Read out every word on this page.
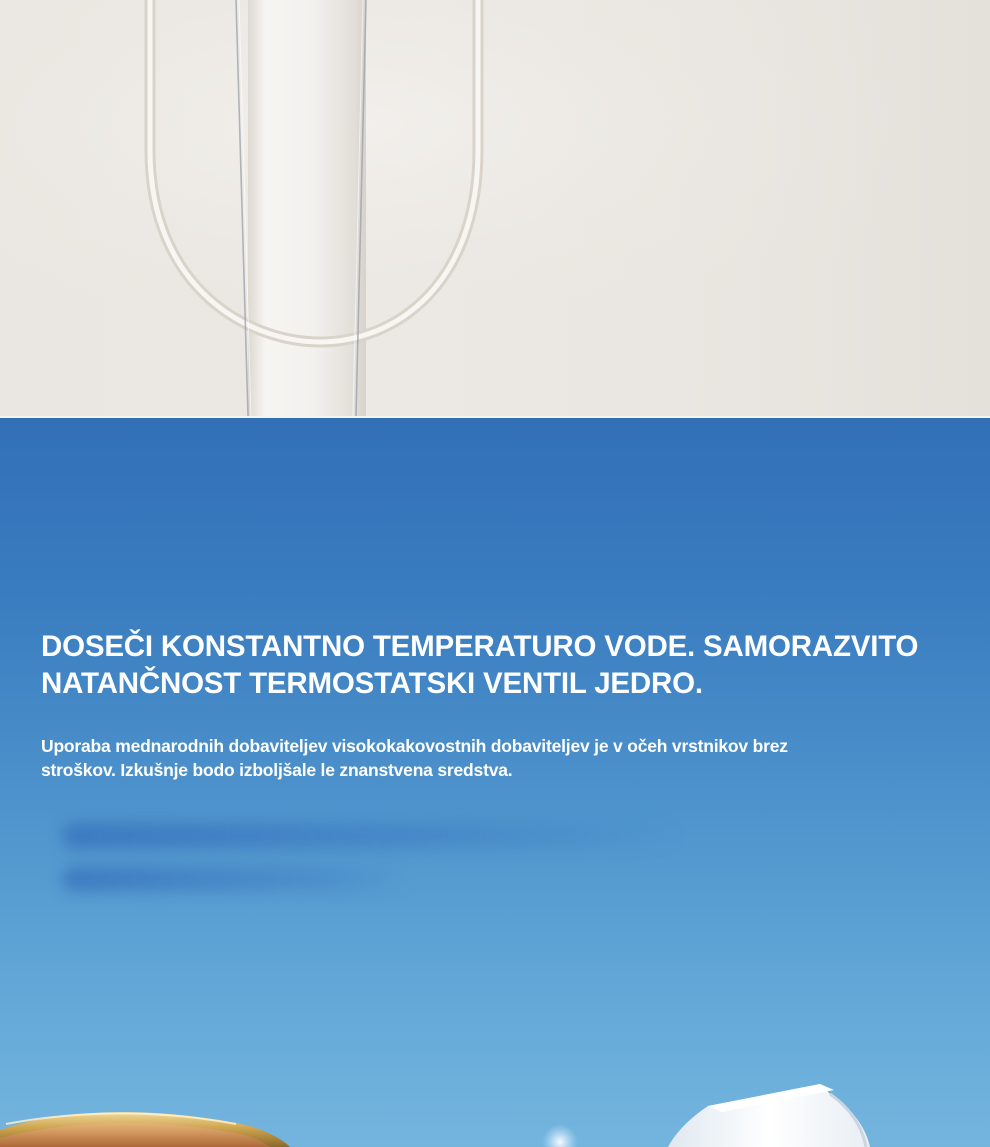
DOSEČI KONSTANTNO TEMPERATURO VODE. SAMORAZVITO NATANČNOST TERMOSTATSKI VENTIL JEDRO.

Uporaba mednarodnih dobaviteljev visokokakovostnih dobaviteljev je v očeh vrstnikov brez stroškov. Izkušnje bodo izboljšale le znanstvena sredstva.
